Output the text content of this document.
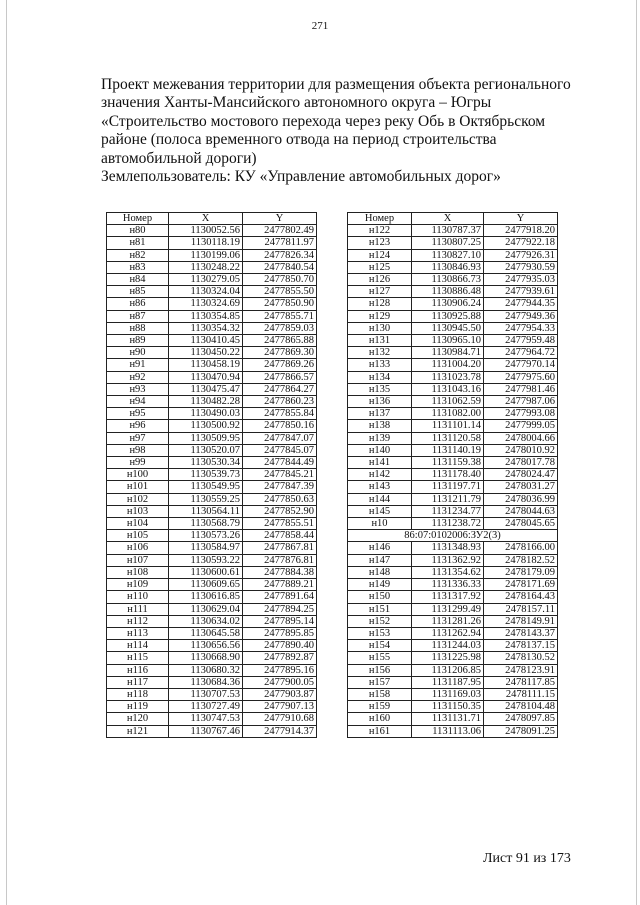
271
Проект межевания территории для размещения объекта регионального
значения Ханты-Мансийского автономного округа – Югры
«Строительство мостового перехода через реку Обь в Октябрьском
районе (полоса временного отвода на период строительства
автомобильной дороги)
Землепользователь: КУ «Управление автомобильных дорог»
Номер	X	Y
н80	1130052.56	2477802.49
н81	1130118.19	2477811.97
н82	1130199.06	2477826.34
н83	1130248.22	2477840.54
н84	1130279.05	2477850.70
н85	1130324.04	2477855.50
н86	1130324.69	2477850.90
н87	1130354.85	2477855.71
н88	1130354.32	2477859.03
н89	1130410.45	2477865.88
н90	1130450.22	2477869.30
н91	1130458.19	2477869.26
н92	1130470.94	2477866.57
н93	1130475.47	2477864.27
н94	1130482.28	2477860.23
н95	1130490.03	2477855.84
н96	1130500.92	2477850.16
н97	1130509.95	2477847.07
н98	1130520.07	2477845.07
н99	1130530.34	2477844.49
н100	1130539.73	2477845.21
н101	1130549.95	2477847.39
н102	1130559.25	2477850.63
н103	1130564.11	2477852.90
н104	1130568.79	2477855.51
н105	1130573.26	2477858.44
н106	1130584.97	2477867.81
н107	1130593.22	2477876.81
н108	1130600.61	2477884.38
н109	1130609.65	2477889.21
н110	1130616.85	2477891.64
н111	1130629.04	2477894.25
н112	1130634.02	2477895.14
н113	1130645.58	2477895.85
н114	1130656.56	2477890.40
н115	1130668.90	2477892.87
н116	1130680.32	2477895.16
н117	1130684.36	2477900.05
н118	1130707.53	2477903.87
н119	1130727.49	2477907.13
н120	1130747.53	2477910.68
н121	1130767.46	2477914.37
Номер	X	Y
н122	1130787.37	2477918.20
н123	1130807.25	2477922.18
н124	1130827.10	2477926.31
н125	1130846.93	2477930.59
н126	1130866.73	2477935.03
н127	1130886.48	2477939.61
н128	1130906.24	2477944.35
н129	1130925.88	2477949.36
н130	1130945.50	2477954.33
н131	1130965.10	2477959.48
н132	1130984.71	2477964.72
н133	1131004.20	2477970.14
н134	1131023.78	2477975.60
н135	1131043.16	2477981.46
н136	1131062.59	2477987.06
н137	1131082.00	2477993.08
н138	1131101.14	2477999.05
н139	1131120.58	2478004.66
н140	1131140.19	2478010.92
н141	1131159.38	2478017.78
н142	1131178.40	2478024.47
н143	1131197.71	2478031.27
н144	1131211.79	2478036.99
н145	1131234.77	2478044.63
н10	1131238.72	2478045.65
86:07:0102006:ЗУ2(3)		
н146	1131348.93	2478166.00
н147	1131362.92	2478182.52
н148	1131354.62	2478179.09
н149	1131336.33	2478171.69
н150	1131317.92	2478164.43
н151	1131299.49	2478157.11
н152	1131281.26	2478149.91
н153	1131262.94	2478143.37
н154	1131244.03	2478137.15
н155	1131225.98	2478130.52
н156	1131206.85	2478123.91
н157	1131187.95	2478117.85
н158	1131169.03	2478111.15
н159	1131150.35	2478104.48
н160	1131131.71	2478097.85
н161	1131113.06	2478091.25
Лист 91 из 173
